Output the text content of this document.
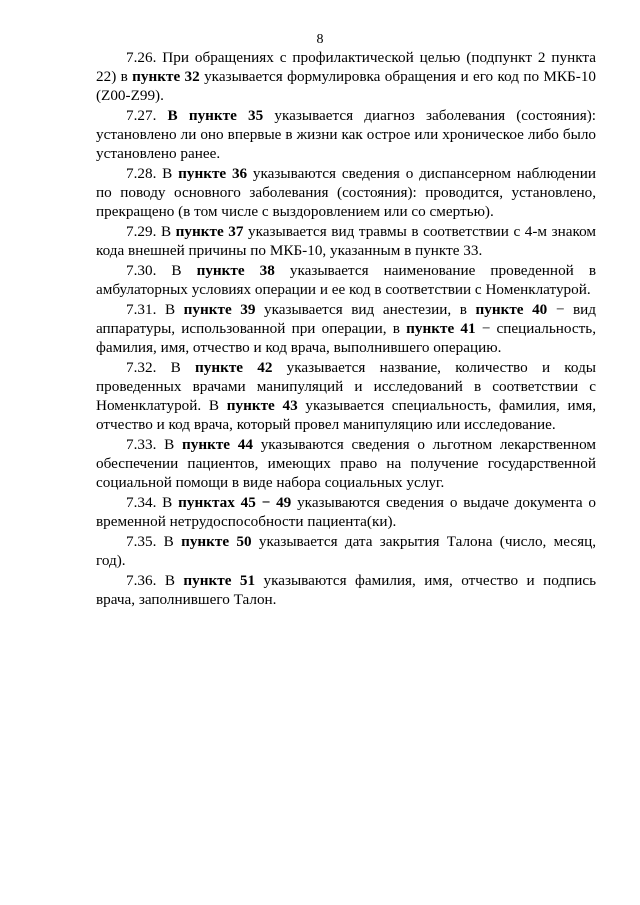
8

7.26. При обращениях с профилактической целью (подпункт 2 пункта 22) в пункте 32 указывается формулировка обращения и его код по МКБ-10 (Z00-Z99).

7.27. В пункте 35 указывается диагноз заболевания (состояния): установлено ли оно впервые в жизни как острое или хроническое либо было установлено ранее.

7.28. В пункте 36 указываются сведения о диспансерном наблюдении по поводу основного заболевания (состояния): проводится, установлено, прекращено (в том числе с выздоровлением или со смертью).

7.29. В пункте 37 указывается вид травмы в соответствии с 4-м знаком кода внешней причины по МКБ-10, указанным в пункте 33.

7.30. В пункте 38 указывается наименование проведенной в амбулаторных условиях операции и ее код в соответствии с Номенклатурой.

7.31. В пункте 39 указывается вид анестезии, в пункте 40 − вид аппаратуры, использованной при операции, в пункте 41 − специальность, фамилия, имя, отчество и код врача, выполнившего операцию.

7.32. В пункте 42 указывается название, количество и коды проведенных врачами манипуляций и исследований в соответствии с Номенклатурой. В пункте 43 указывается специальность, фамилия, имя, отчество и код врача, который провел манипуляцию или исследование.

7.33. В пункте 44 указываются сведения о льготном лекарственном обеспечении пациентов, имеющих право на получение государственной социальной помощи в виде набора социальных услуг.

7.34. В пунктах 45 − 49 указываются сведения о выдаче документа о временной нетрудоспособности пациента(ки).

7.35. В пункте 50 указывается дата закрытия Талона (число, месяц, год).

7.36. В пункте 51 указываются фамилия, имя, отчество и подпись врача, заполнившего Талон.
